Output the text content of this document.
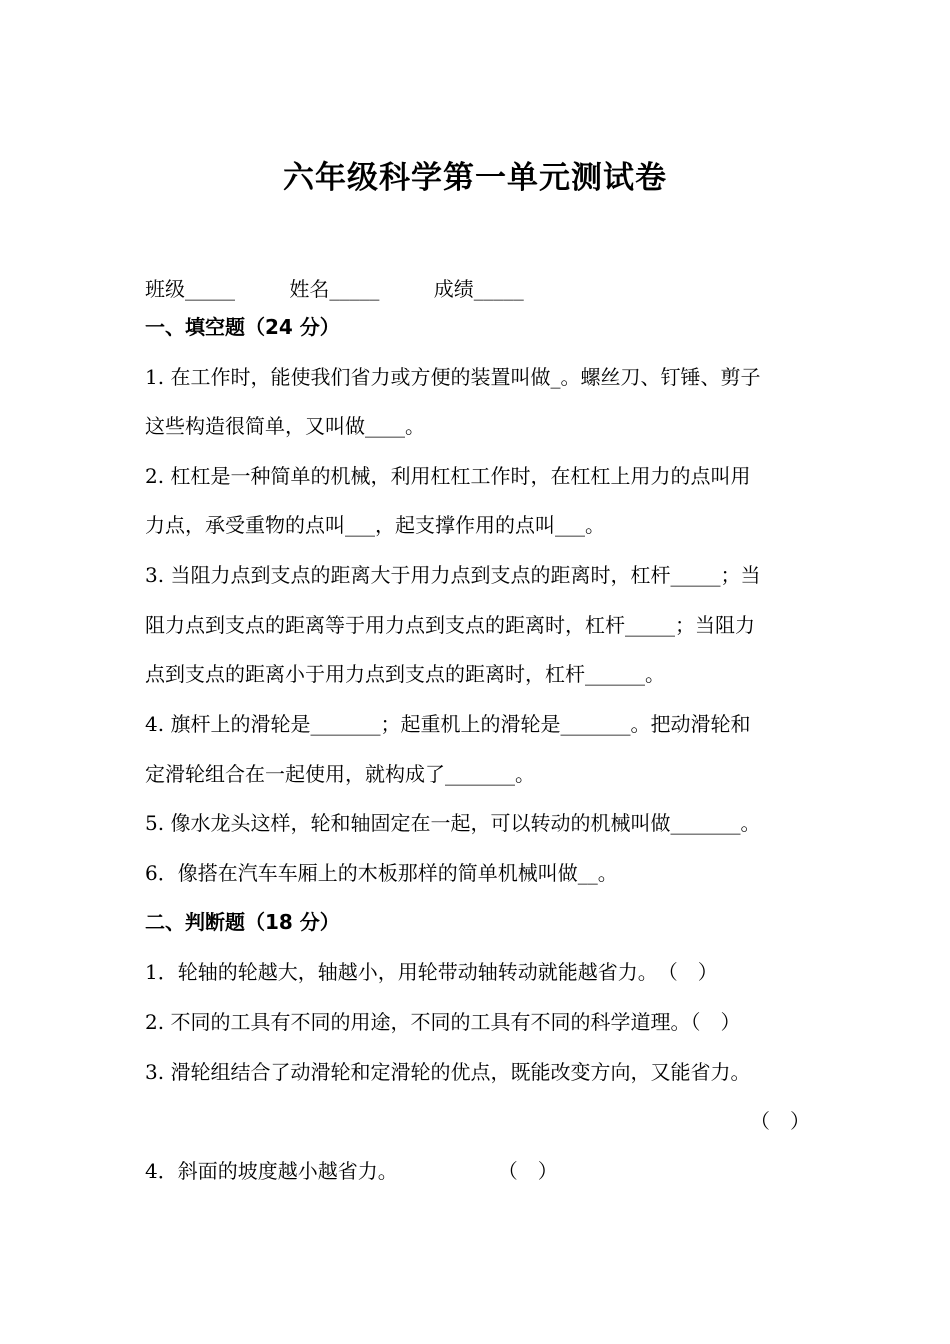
六年级科学第一单元测试卷
班级_____	姓名_____	成绩_____
一、填空题（24 分）
1. 在工作时，能使我们省力或方便的装置叫做_。螺丝刀、钉锤、剪子
这些构造很简单，又叫做____。
2. 杠杠是一种简单的机械，利用杠杠工作时，在杠杠上用力的点叫用
力点，承受重物的点叫___，起支撑作用的点叫___。
3. 当阻力点到支点的距离大于用力点到支点的距离时，杠杆_____；当
阻力点到支点的距离等于用力点到支点的距离时，杠杆_____；当阻力
点到支点的距离小于用力点到支点的距离时，杠杆______。
4. 旗杆上的滑轮是_______；起重机上的滑轮是_______。把动滑轮和
定滑轮组合在一起使用，就构成了_______。
5. 像水龙头这样，轮和轴固定在一起，可以转动的机械叫做_______。
6．像搭在汽车车厢上的木板那样的简单机械叫做__。
二、判断题（18 分）
1．轮轴的轮越大，轴越小，用轮带动轴转动就能越省力。　（　）
2. 不同的工具有不同的用途，不同的工具有不同的科学道理。（　）
3. 滑轮组结合了动滑轮和定滑轮的优点，既能改变方向，又能省力。
（　）
4．斜面的坡度越小越省力。　　　　　　（　）
